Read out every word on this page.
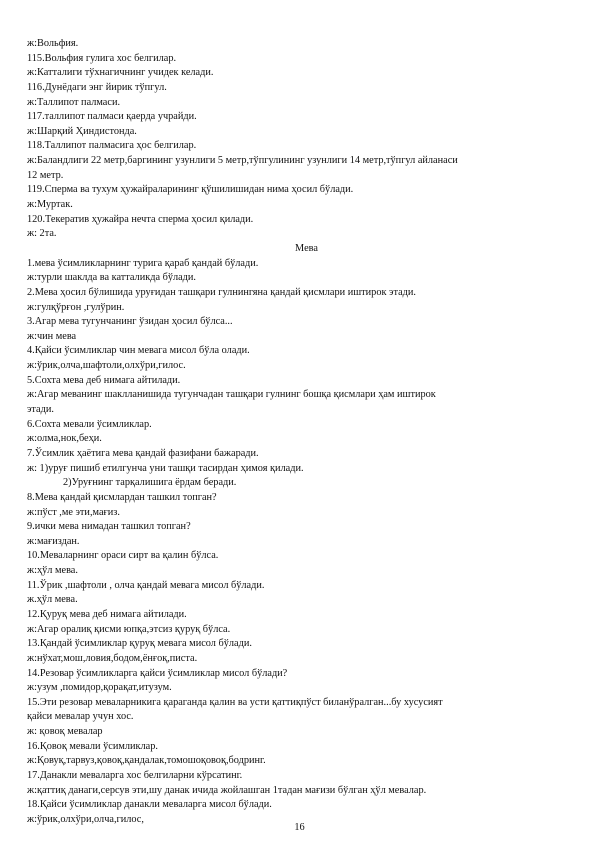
ж:Вольфия.
115.Вольфия гулига хос белгилар.
ж:Катталиги тўхнагичнинг учидек келади.
116.Дунёдаги энг йирик тўпгул.
ж:Таллипот палмаси.
117.таллипот палмаси қаерда учрайди.
ж:Шарқий Ҳиндистонда.
118.Таллипот палмасига ҳос белгилар.
ж:Баландлиги 22 метр,баргининг узунлиги 5 метр,тўпгулининг узунлиги 14 метр,тўпгул айланаси
12 метр.
119.Сперма ва тухум ҳужайраларининг қўшилишидан нима ҳосил бўлади.
ж:Муртак.
120.Текератив ҳужайра нечта сперма ҳосил қилади.
ж: 2та.
Мева
1.мева ўсимликларнинг турига қараб қандай бўлади.
ж:турли шаклда ва катталикда бўлади.
2.Мева ҳосил бўлишида уруғидан ташқари гулнингяна қандай қисмлари иштирок этади.
ж:гулқўрғон ,гулўрин.
3.Агар мева тугунчанинг ўзидан ҳосил бўлса...
ж:чин мева
4.Қайси ўсимликлар чин мевага мисол бўла олади.
ж:ўрик,олча,шафтоли,олхўри,гилос.
5.Сохта мева деб нимага айтилади.
ж:Агар меванинг шаклланишида тугунчадан ташқари гулнинг бошқа қисмлари ҳам иштирок
этади.
6.Сохта мевали ўсимликлар.
ж:олма,нок,беҳи.
7.Ўсимлик ҳаётига мева қандай фазифани бажаради.
ж: 1)уруғ пишиб етилгунча уни ташқи тасирдан ҳимоя қилади.
2)Уруғнинг тарқалишига ёрдам беради.
8.Мева қандай қисмлардан ташкил топган?
ж:пўст ,ме эти,мағиз.
9.ички мева нимадан ташкил топган?
ж:мағиздан.
10.Меваларнинг ораси сирт ва қалин бўлса.
ж:ҳўл мева.
11.Ўрик ,шафтоли , олча қандай мевага мисол бўлади.
ж.ҳўл мева.
12.Қуруқ мева деб нимага айтилади.
ж:Агар оралиқ қисми юпқа,этсиз қуруқ бўлса.
13.Қандай ўсимликлар қуруқ мевага мисол бўлади.
ж:нўхат,мош,ловия,бодом,ёнғоқ,писта.
14.Резовар ўсимликларга қайси ўсимликлар мисол бўлади?
ж:узум ,помидор,қорақат,итузум.
15.Эти резовар меваларникига қараганда қалин ва усти қаттиқпўст биланўралган...бу хусусият
қайси мевалар учун хос.
ж: қовоқ мевалар
16.Қовоқ мевали ўсимликлар.
ж:Қовуқ,тарвуз,қовоқ,қандалак,томошоқовоқ,бодринг.
17.Данакли меваларга хос белгиларни кўрсатинг.
ж:қаттиқ данаги,серсув эти,шу данак ичида жойлашган 1тадан мағизи бўлган ҳўл мевалар.
18.Қайси ўсимликлар данакли меваларга мисол бўлади.
ж:ўрик,олхўри,олча,гилос,
16
